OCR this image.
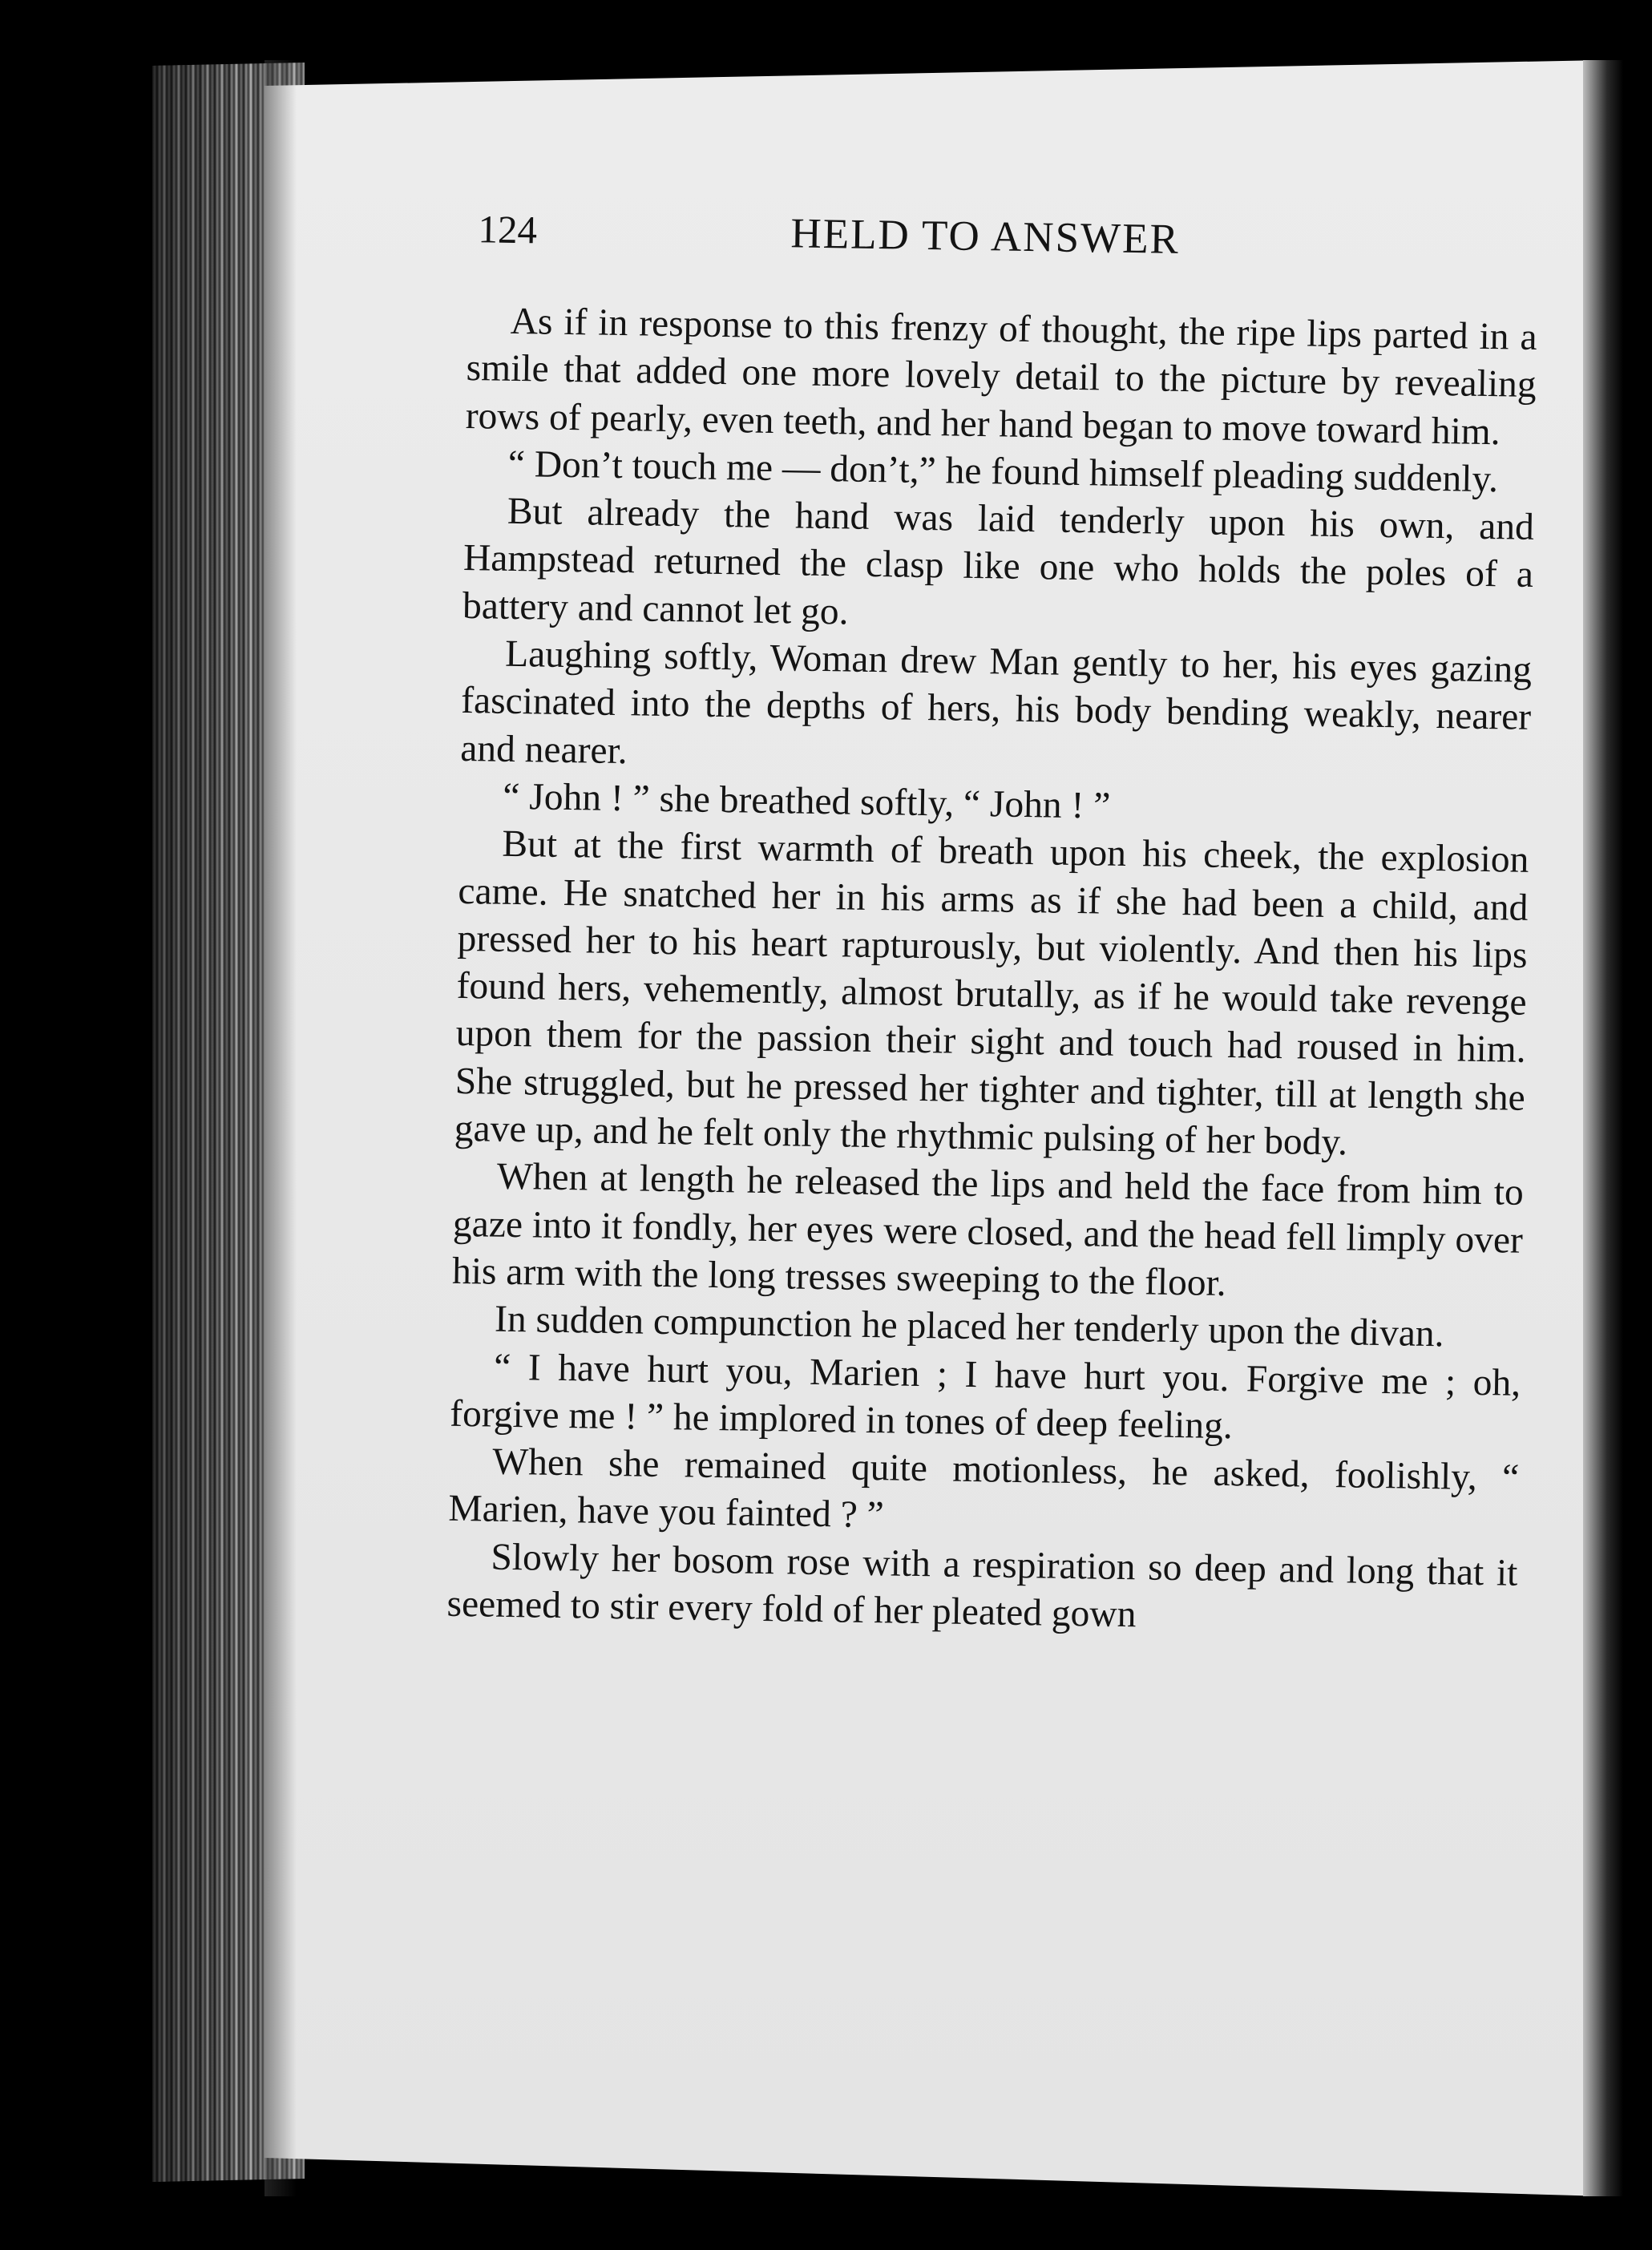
124	HELD TO ANSWER

As if in response to this frenzy of thought, the ripe lips parted in a smile that added one more lovely detail to the picture by revealing rows of pearly, even teeth, and her hand began to move toward him.

“ Don’t touch me — don’t,” he found himself pleading suddenly.

But already the hand was laid tenderly upon his own, and Hampstead returned the clasp like one who holds the poles of a battery and cannot let go.

Laughing softly, Woman drew Man gently to her, his eyes gazing fascinated into the depths of hers, his body bending weakly, nearer and nearer.

“ John ! ” she breathed softly, “ John ! ”

But at the first warmth of breath upon his cheek, the explosion came. He snatched her in his arms as if she had been a child, and pressed her to his heart rapturously, but violently. And then his lips found hers, vehemently, almost brutally, as if he would take revenge upon them for the passion their sight and touch had roused in him. She struggled, but he pressed her tighter and tighter, till at length she gave up, and he felt only the rhythmic pulsing of her body.

When at length he released the lips and held the face from him to gaze into it fondly, her eyes were closed, and the head fell limply over his arm with the long tresses sweeping to the floor.

In sudden compunction he placed her tenderly upon the divan.

“ I have hurt you, Marien ; I have hurt you. Forgive me ; oh, forgive me ! ” he implored in tones of deep feeling.

When she remained quite motionless, he asked, foolishly, “ Marien, have you fainted ? ”

Slowly her bosom rose with a respiration so deep and long that it seemed to stir every fold of her pleated gown
